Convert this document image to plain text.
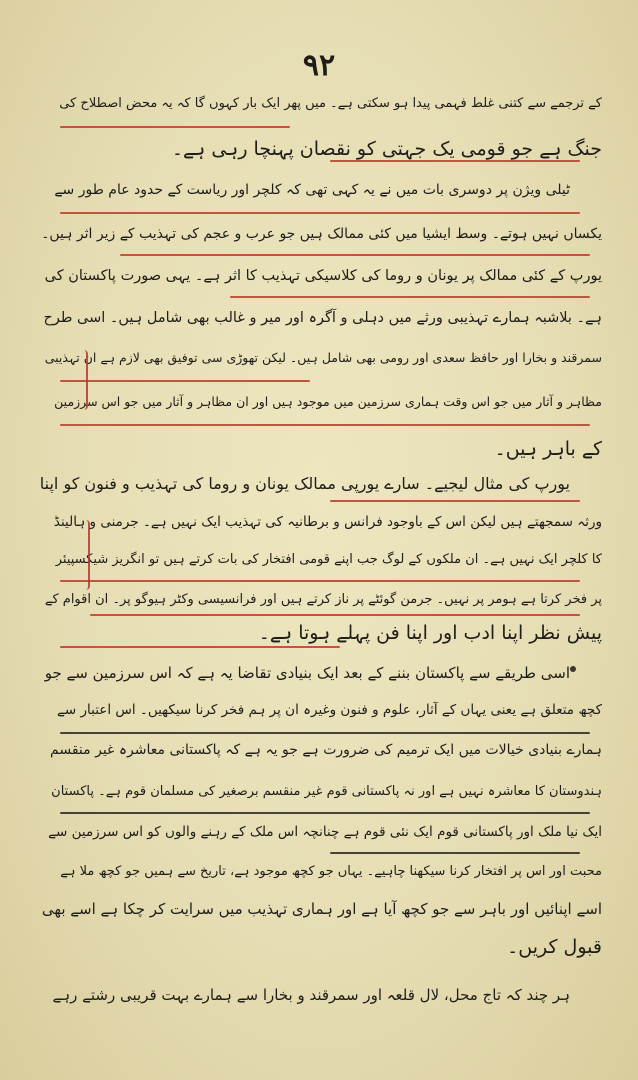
۹۲
کے ترجمے سے کتنی غلط فہمی پیدا ہو سکتی ہے۔ میں پھر ایک بار کہوں گا کہ یہ محض اصطلاح کی
جنگ ہے جو قومی یک جہتی کو نقصان پہنچا رہی ہے۔
ٹیلی ویژن پر دوسری بات میں نے یہ کہی تھی کہ کلچر اور ریاست کے حدود عام طور سے
یکساں نہیں ہوتے۔ وسط ایشیا میں کئی ممالک ہیں جو عرب و عجم کی تہذیب کے زیر اثر ہیں۔
یورپ کے کئی ممالک پر یونان و روما کی کلاسیکی تہذیب کا اثر ہے۔ یہی صورت پاکستان کی
ہے۔ بلاشبہ ہمارے تہذیبی ورثے میں دہلی و آگرہ اور میر و غالب بھی شامل ہیں۔ اسی طرح
سمرقند و بخارا اور حافظ سعدی اور رومی بھی شامل ہیں۔ لیکن تھوڑی سی توفیق بھی لازم ہے ان تہذیبی
مظاہر و آثار میں جو اس وقت ہماری سرزمین میں موجود ہیں اور ان مظاہر و آثار میں جو اس سرزمین
کے باہر ہیں۔
یورپ کی مثال لیجیے۔ سارے یورپی ممالک یونان و روما کی تہذیب و فنون کو اپنا
ورثہ سمجھتے ہیں لیکن اس کے باوجود فرانس و برطانیہ کی تہذیب ایک نہیں ہے۔ جرمنی و ہالینڈ
کا کلچر ایک نہیں ہے۔ ان ملکوں کے لوگ جب اپنے قومی افتخار کی بات کرتے ہیں تو انگریز شیکسپیئر
پر فخر کرتا ہے ہومر پر نہیں۔ جرمن گوئٹے پر ناز کرتے ہیں اور فرانسیسی وکٹر ہیوگو پر۔ ان اقوام کے
پیش نظر اپنا ادب اور اپنا فن پہلے ہوتا ہے۔
اسی طریقے سے پاکستان بننے کے بعد ایک بنیادی تقاضا یہ ہے کہ اس سرزمین سے جو
کچھ متعلق ہے یعنی یہاں کے آثار، علوم و فنون وغیرہ ان پر ہم فخر کرنا سیکھیں۔ اس اعتبار سے
ہمارے بنیادی خیالات میں ایک ترمیم کی ضرورت ہے جو یہ ہے کہ پاکستانی معاشرہ غیر منقسم
ہندوستان کا معاشرہ نہیں ہے اور نہ پاکستانی قوم غیر منقسم برصغیر کی مسلمان قوم ہے۔ پاکستان
ایک نیا ملک اور پاکستانی قوم ایک نئی قوم ہے چنانچہ اس ملک کے رہنے والوں کو اس سرزمین سے
محبت اور اس پر افتخار کرنا سیکھنا چاہیے۔ یہاں جو کچھ موجود ہے، تاریخ سے ہمیں جو کچھ ملا ہے
اسے اپنائیں اور باہر سے جو کچھ آیا ہے اور ہماری تہذیب میں سرایت کر چکا ہے اسے بھی
قبول کریں۔
ہر چند کہ تاج محل، لال قلعہ اور سمرقند و بخارا سے ہمارے بہت قریبی رشتے رہے
